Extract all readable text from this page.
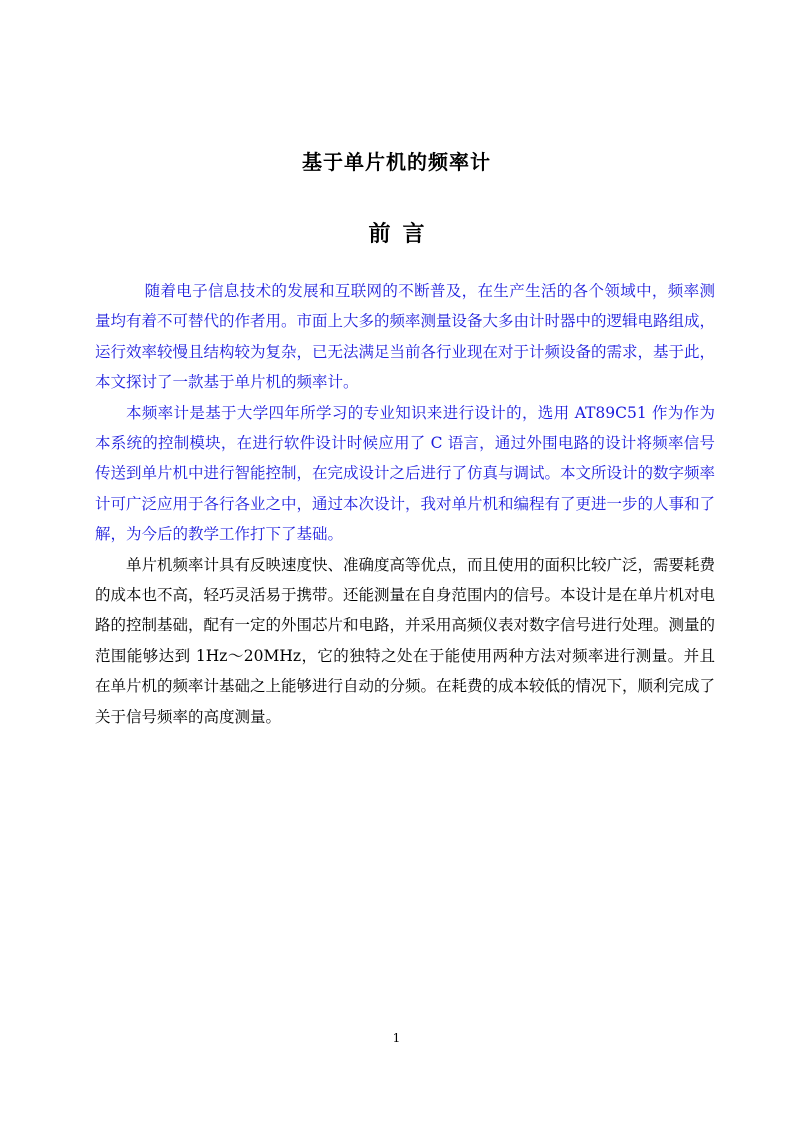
基于单片机的频率计
前言

随着电子信息技术的发展和互联网的不断普及，在生产生活的各个领域中，频率测量均有着不可替代的作者用。市面上大多的频率测量设备大多由计时器中的逻辑电路组成，运行效率较慢且结构较为复杂，已无法满足当前各行业现在对于计频设备的需求，基于此，本文探讨了一款基于单片机的频率计。

本频率计是基于大学四年所学习的专业知识来进行设计的，选用 AT89C51 作为作为本系统的控制模块，在进行软件设计时候应用了 C 语言，通过外围电路的设计将频率信号传送到单片机中进行智能控制，在完成设计之后进行了仿真与调试。本文所设计的数字频率计可广泛应用于各行各业之中，通过本次设计，我对单片机和编程有了更进一步的人事和了解，为今后的教学工作打下了基础。

单片机频率计具有反映速度快、准确度高等优点，而且使用的面积比较广泛，需要耗费的成本也不高，轻巧灵活易于携带。还能测量在自身范围内的信号。本设计是在单片机对电路的控制基础，配有一定的外围芯片和电路，并采用高频仪表对数字信号进行处理。测量的范围能够达到 1Hz～20MHz，它的独特之处在于能使用两种方法对频率进行测量。并且在单片机的频率计基础之上能够进行自动的分频。在耗费的成本较低的情况下，顺利完成了关于信号频率的高度测量。

1
